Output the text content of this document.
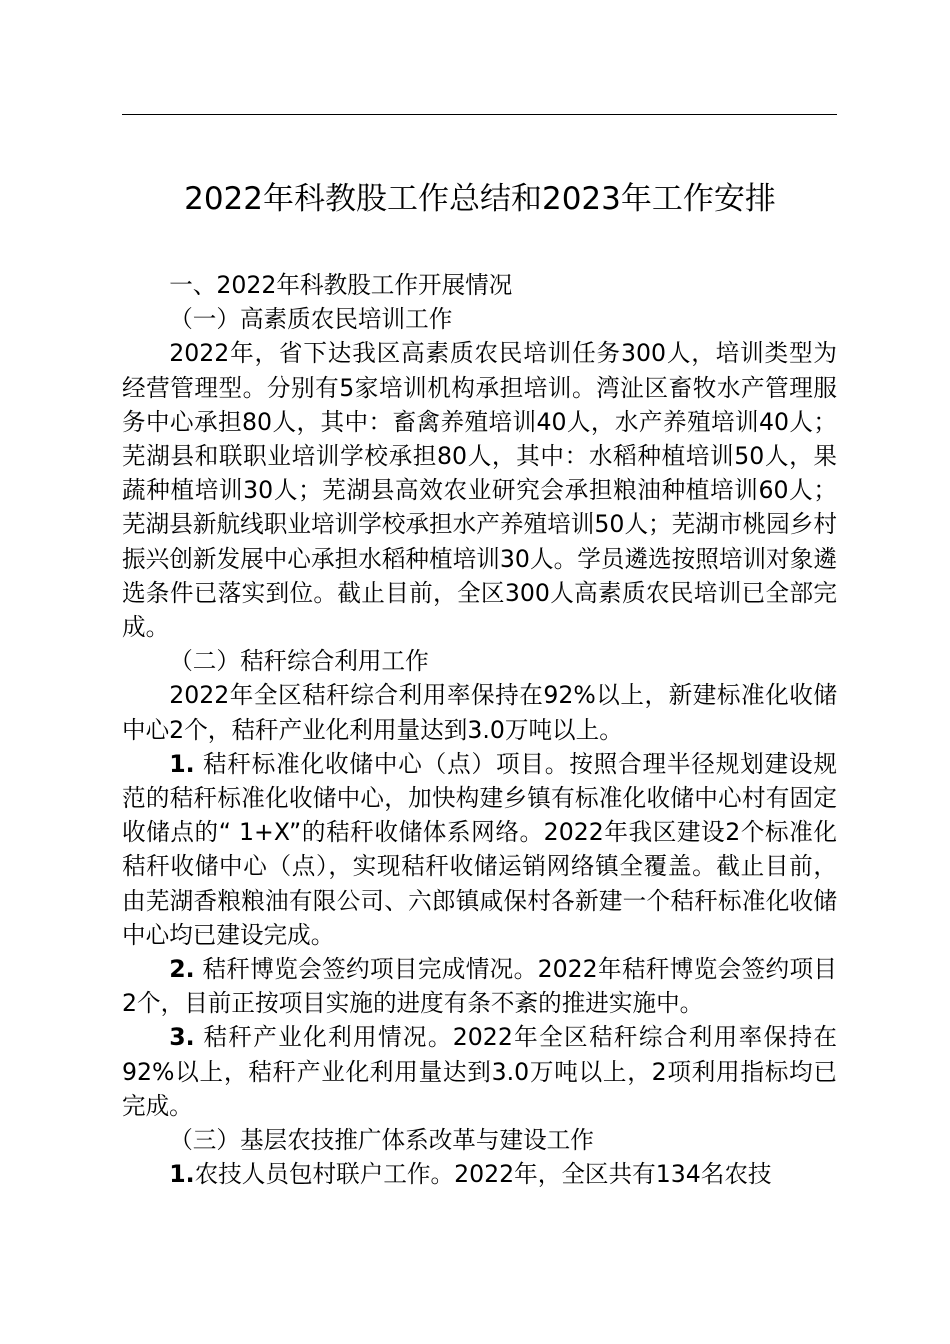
2022年科教股工作总结和2023年工作安排

一、2022年科教股工作开展情况

（一）高素质农民培训工作

2022年，省下达我区高素质农民培训任务300人，培训类型为经营管理型。分别有5家培训机构承担培训。湾沚区畜牧水产管理服务中心承担80人，其中：畜禽养殖培训40人，水产养殖培训40人；芜湖县和联职业培训学校承担80人，其中：水稻种植培训50人，果蔬种植培训30人；芜湖县高效农业研究会承担粮油种植培训60人；芜湖县新航线职业培训学校承担水产养殖培训50人；芜湖市桃园乡村振兴创新发展中心承担水稻种植培训30人。学员遴选按照培训对象遴选条件已落实到位。截止目前，全区300人高素质农民培训已全部完成。

（二）秸秆综合利用工作

2022年全区秸秆综合利用率保持在92%以上，新建标准化收储中心2个，秸秆产业化利用量达到3.0万吨以上。

1. 秸秆标准化收储中心（点）项目。按照合理半径规划建设规范的秸秆标准化收储中心，加快构建乡镇有标准化收储中心村有固定收储点的“ 1+X”的秸秆收储体系网络。2022年我区建设2个标准化秸秆收储中心（点），实现秸秆收储运销网络镇全覆盖。截止目前，由芜湖香粮粮油有限公司、六郎镇咸保村各新建一个秸秆标准化收储中心均已建设完成。

2. 秸秆博览会签约项目完成情况。2022年秸秆博览会签约项目2个，目前正按项目实施的进度有条不紊的推进实施中。

3. 秸秆产业化利用情况。2022年全区秸秆综合利用率保持在92%以上，秸秆产业化利用量达到3.0万吨以上，2项利用指标均已完成。

（三）基层农技推广体系改革与建设工作

1.农技人员包村联户工作。2022年，全区共有134名农技
